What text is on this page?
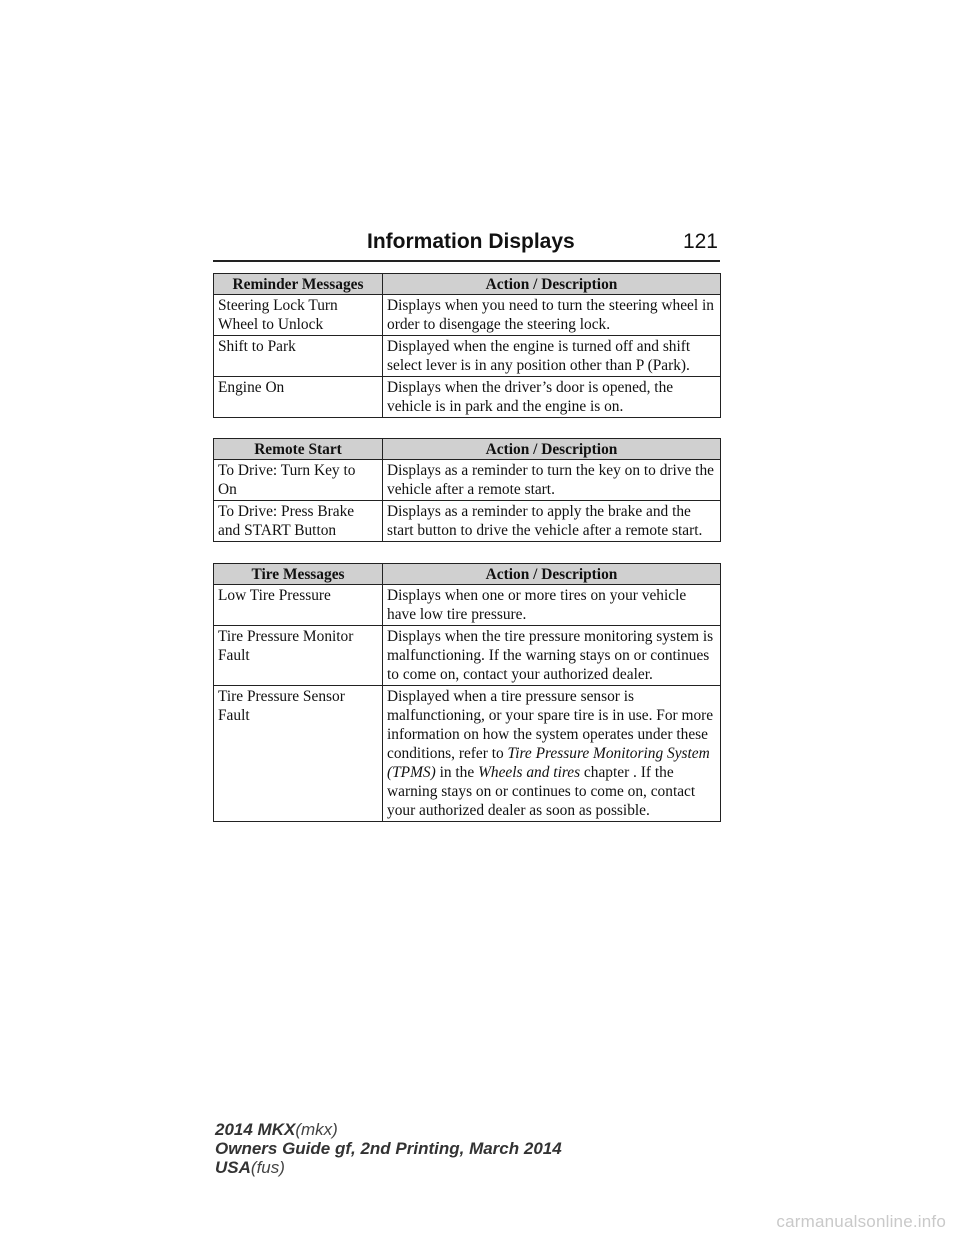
Information Displays	121
Reminder Messages	Action / Description
Steering Lock Turn Wheel to Unlock	Displays when you need to turn the steering wheel in order to disengage the steering lock.
Shift to Park	Displayed when the engine is turned off and shift select lever is in any position other than P (Park).
Engine On	Displays when the driver’s door is opened, the vehicle is in park and the engine is on.
Remote Start	Action / Description
To Drive: Turn Key to On	Displays as a reminder to turn the key on to drive the vehicle after a remote start.
To Drive: Press Brake and START Button	Displays as a reminder to apply the brake and the start button to drive the vehicle after a remote start.
Tire Messages	Action / Description
Low Tire Pressure	Displays when one or more tires on your vehicle have low tire pressure.
Tire Pressure Monitor Fault	Displays when the tire pressure monitoring system is malfunctioning. If the warning stays on or continues to come on, contact your authorized dealer.
Tire Pressure Sensor Fault	Displayed when a tire pressure sensor is malfunctioning, or your spare tire is in use. For more information on how the system operates under these conditions, refer to Tire Pressure Monitoring System (TPMS) in the Wheels and tires chapter . If the warning stays on or continues to come on, contact your authorized dealer as soon as possible.
2014 MKX(mkx)
Owners Guide gf, 2nd Printing, March 2014
USA(fus)
carmanualsonline.info
